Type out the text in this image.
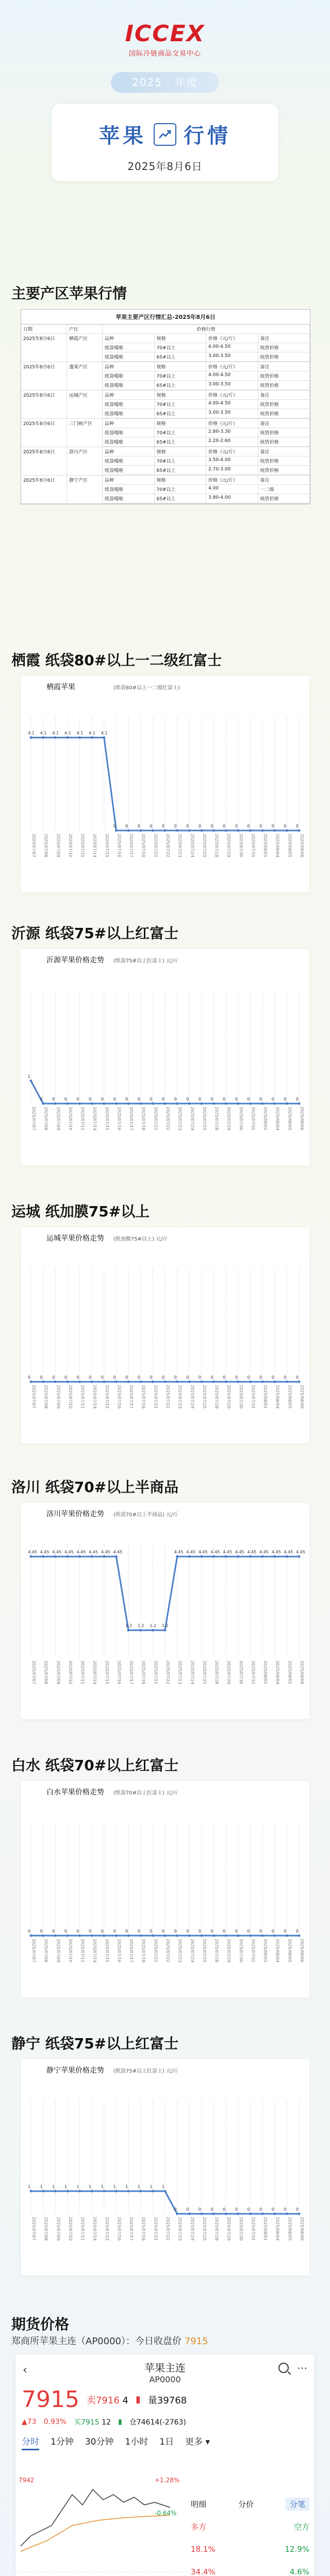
ICCEX
国际冷链商品交易中心
2025 · 年度
苹果 行情
2025年8月6日
主要产区苹果行情
苹果主要产区行情汇总-2025年8月6日
日期	产区	价格行情
2025年8月6日	栖霞产区	品种	规格	价格（元/斤）	备注
纸袋嘎啦	70#以上	4.00-4.50	统货价格
纸袋嘎啦	65#以上	3.00-3.50	统货价格
2025年8月6日	蓬莱产区	品种	规格	价格（元/斤）	备注
纸袋嘎啦	70#以上	4.00-4.50	统货价格
纸袋嘎啦	65#以上	3.00-3.50	统货价格
2025年8月6日	运城产区	品种	规格	价格（元/斤）	备注
纸袋嘎啦	70#以上	4.00-4.50	统货价格
纸袋嘎啦	65#以上	3.00-3.50	统货价格
2025年8月6日	三门峡产区	品种	规格	价格（元/斤）	备注
纸袋嘎啦	70#以上	2.80-3.30	统货价格
纸袋嘎啦	65#以上	2.20-2.60	统货价格
2025年8月6日	洛川产区	品种	规格	价格（元/斤）	备注
纸袋嘎啦	70#以上	3.50-4.00	统货价格
纸袋嘎啦	65#以上	2.70-3.00	统货价格
2025年8月6日	静宁产区	品种	规格	价格（元/斤）	备注
纸袋嘎啦	70#以上	4.00	一二级
纸袋嘎啦	65#以上	3.80-4.00	统货价格
栖霞 纸袋80#以上一二级红富士
栖霞苹果	(纸袋80#以上一二级红富士)
2025/07/07 2025/07/08 2025/07/09 2025/07/10 2025/07/11 2025/07/14 2025/07/15 2025/07/16 2025/07/17 2025/07/18 2025/07/21 2025/07/22 2025/07/23 2025/07/24 2025/07/25 2025/07/28 2025/07/29 2025/07/30 2025/07/31 2025/08/01 2025/08/04 2025/08/05 2025/08/06
4.1 4.1 4.1 4.1 4.1 4.1 4.1
0 0 0 0 0 0 0 0 0 0 0 0 0 0 0 0
沂源 纸袋75#以上红富士
沂源苹果价格走势 (纸袋75#以上红富士) 元/斤
2025/07/07 2025/07/08 2025/07/09 2025/07/10 2025/07/11 2025/07/14 2025/07/15 2025/07/16 2025/07/17 2025/07/18 2025/07/21 2025/07/22 2025/07/23 2025/07/24 2025/07/25 2025/07/28 2025/07/29 2025/07/30 2025/07/31 2025/08/01 2025/08/04 2025/08/05 2025/08/06
1
0 0 0 0 0 0 0 0 0 0 0 0 0 0 0 0 0 0 0 0 0 0
运城 纸加膜75#以上
运城苹果价格走势 (纸加膜75#以上) 元/斤
2025/07/07 2025/07/08 2025/07/09 2025/07/10 2025/07/11 2025/07/14 2025/07/15 2025/07/16 2025/07/17 2025/07/18 2025/07/21 2025/07/22 2025/07/23 2025/07/24 2025/07/25 2025/07/28 2025/07/29 2025/07/30 2025/07/31 2025/08/01 2025/08/04 2025/08/05 2025/08/06
0 0 0 0 0 0 0 0 0 0 0 0 0 0 0 0 0 0 0 0 0 0 0
洛川 纸袋70#以上半商品
洛川苹果价格走势 (纸袋70#以上半商品) 元/斤
2025/07/07 2025/07/08 2025/07/09 2025/07/10 2025/07/11 2025/07/14 2025/07/15 2025/07/16 2025/07/17 2025/07/18 2025/07/21 2025/07/22 2025/07/23 2025/07/24 2025/07/25 2025/07/28 2025/07/29 2025/07/30 2025/07/31 2025/08/01 2025/08/04 2025/08/05 2025/08/06
4.45 4.45 4.45 4.45 4.45 4.45 4.45 4.45
1.2 1.2 1.2 1.2
4.45 4.45 4.45 4.45 4.45 4.45 4.45 4.45 4.45 4.45 4.45
白水 纸袋70#以上红富士
白水苹果价格走势 (纸袋70#以上红富士) 元/斤
2025/07/07 2025/07/08 2025/07/09 2025/07/10 2025/07/11 2025/07/14 2025/07/15 2025/07/16 2025/07/17 2025/07/18 2025/07/21 2025/07/22 2025/07/23 2025/07/24 2025/07/25 2025/07/28 2025/07/29 2025/07/30 2025/07/31 2025/08/01 2025/08/04 2025/08/05 2025/08/06
0 0 0 0 0 0 0 0 0 0 0 0 0 0 0 0 0 0 0 0 0 0 0
静宁 纸袋75#以上红富士
静宁苹果价格走势 (纸袋75#以上红富士) 元/斤
2025/07/07 2025/07/08 2025/07/09 2025/07/10 2025/07/11 2025/07/14 2025/07/15 2025/07/16 2025/07/17 2025/07/18 2025/07/21 2025/07/22 2025/07/23 2025/07/24 2025/07/25 2025/07/28 2025/07/29 2025/07/30 2025/07/31 2025/08/01 2025/08/04 2025/08/05 2025/08/06
1 1 1 1 1 1 1 1 1 1 1 1
0 0 0 0 0 0 0 0 0 0 0
期货价格
郑商所苹果主连（AP0000）：今日收盘价 7915
‹	苹果主连
AP0000
⋯
7915 卖7916 4 ▮ 量39768
▲73 0.93% 买7915 12 ▮ 仓74614(-2763)
分时 1分钟 30分钟 1小时 1日 更多 ▾
7942	+1.28%
-0.64%
明细	分价	分笔
多方	空方
18.1%	12.9%
34.4%	4.6%
